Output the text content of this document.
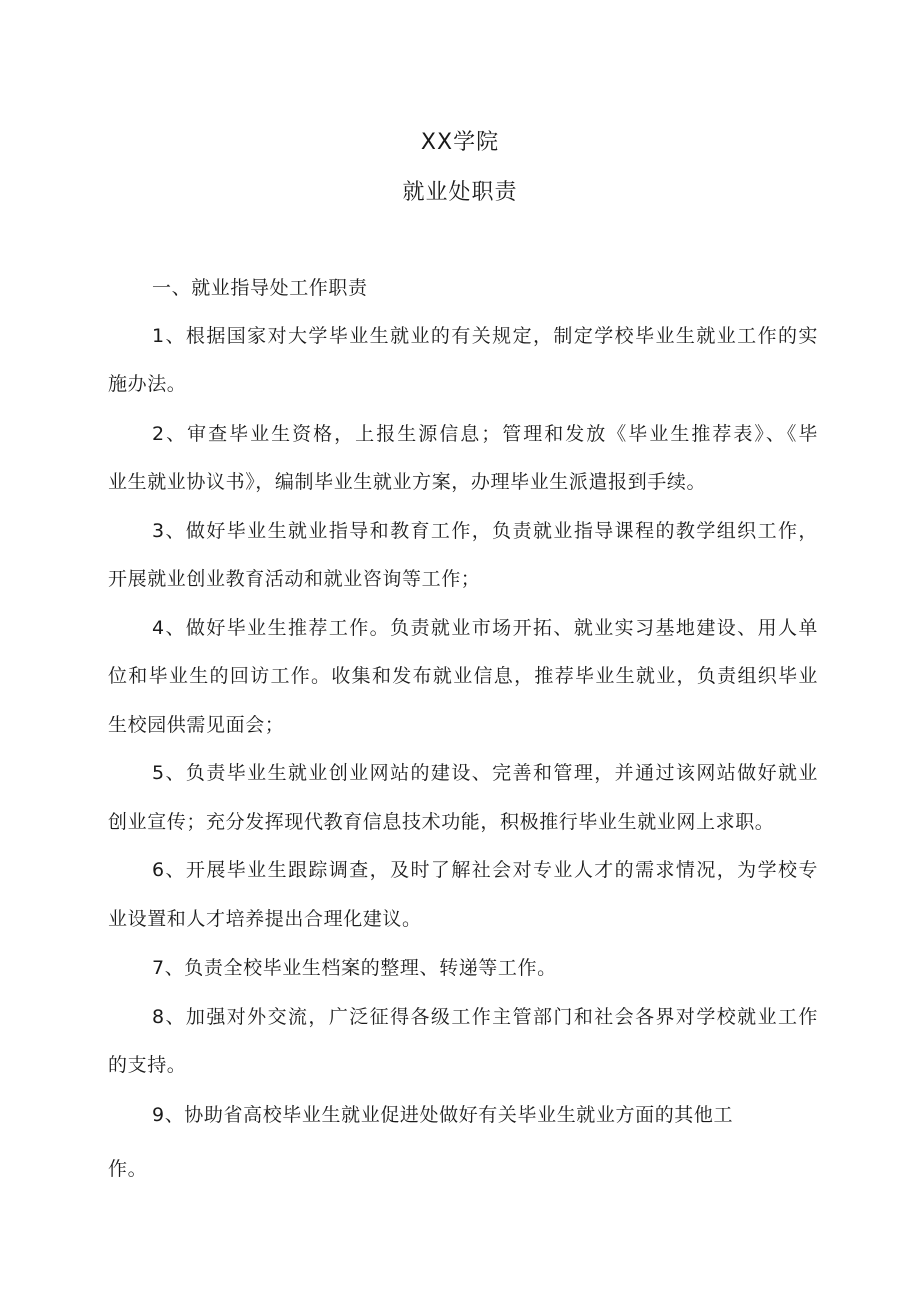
XX学院
就业处职责
一、就业指导处工作职责
1、根据国家对大学毕业生就业的有关规定，制定学校毕业生就业工作的实
施办法。
2、审查毕业生资格，上报生源信息；管理和发放《毕业生推荐表》、《毕
业生就业协议书》，编制毕业生就业方案，办理毕业生派遣报到手续。
3、做好毕业生就业指导和教育工作，负责就业指导课程的教学组织工作，
开展就业创业教育活动和就业咨询等工作；
4、做好毕业生推荐工作。负责就业市场开拓、就业实习基地建设、用人单
位和毕业生的回访工作。收集和发布就业信息，推荐毕业生就业，负责组织毕业
生校园供需见面会；
5、负责毕业生就业创业网站的建设、完善和管理，并通过该网站做好就业
创业宣传；充分发挥现代教育信息技术功能，积极推行毕业生就业网上求职。
6、开展毕业生跟踪调查，及时了解社会对专业人才的需求情况，为学校专
业设置和人才培养提出合理化建议。
7、负责全校毕业生档案的整理、转递等工作。
8、加强对外交流，广泛征得各级工作主管部门和社会各界对学校就业工作
的支持。
9、协助省高校毕业生就业促进处做好有关毕业生就业方面的其他工
作。
